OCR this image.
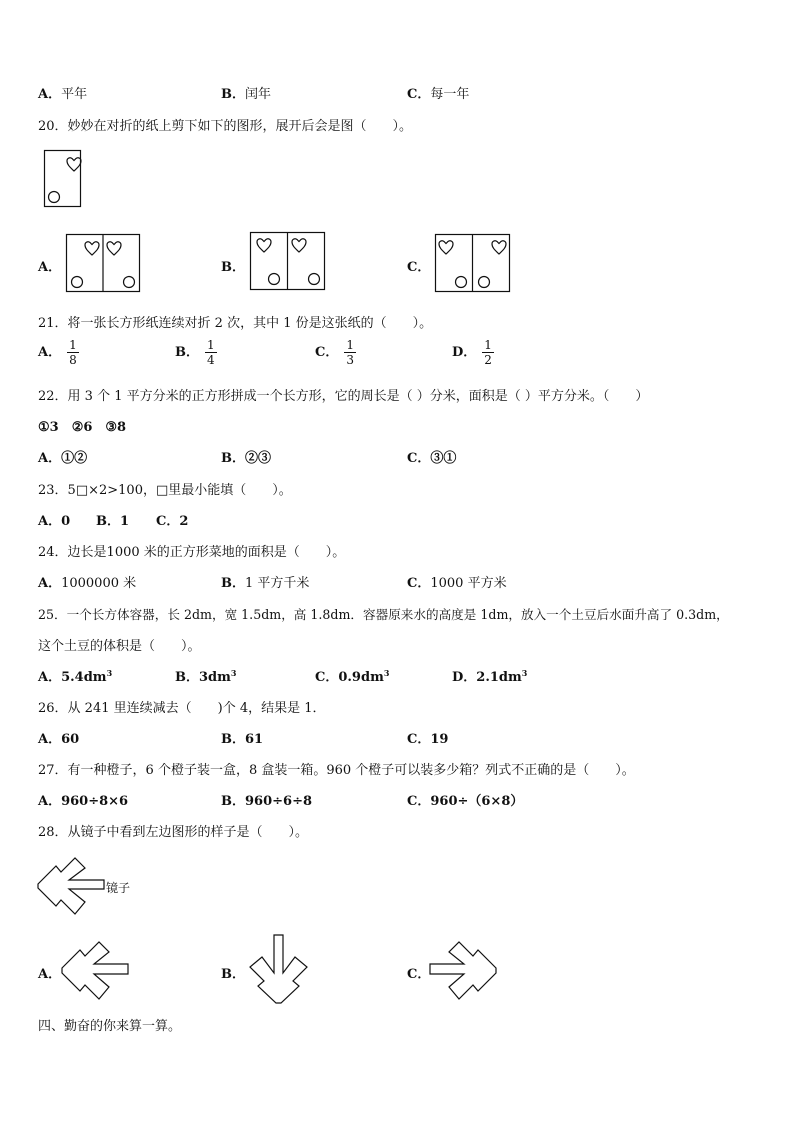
A．平年	B．闰年	C．每一年
20．妙妙在对折的纸上剪下如下的图形，展开后会是图（　　）。
A．	B．	C．
21．将一张长方形纸连续对折 2 次，其中 1 份是这张纸的（　　）。
A． $\frac{1}{8}$	B． $\frac{1}{4}$	C． $\frac{1}{3}$	D． $\frac{1}{2}$
22．用 3 个 1 平方分米的正方形拼成一个长方形，它的周长是（ ）分米，面积是（ ）平方分米。（　　）
①3　②6　③8
A．①②	B．②③	C．③①
23．5□×2>100，□里最小能填（　　）。
A．0 B．1 C．2
24．边长是1000 米的正方形菜地的面积是（　　）。
A．1000000 米	B．1 平方千米	C．1000 平方米
25．一个长方体容器，长 2dm，宽 1.5dm，高 1.8dm．容器原来水的高度是 1dm，放入一个土豆后水面升高了 0.3dm，
这个土豆的体积是（　　）。
A．$5.4dm^3$	B．$3dm^3$	C．$0.9dm^3$	D．$2.1dm^3$
26．从 241 里连续减去（　　)个 4，结果是 1．
A．60	B．61	C．19
27．有一种橙子，6 个橙子装一盒，8 盒装一箱。960 个橙子可以装多少箱？列式不正确的是（　　）。
A．960÷8×6	B．960÷6÷8	C．960÷（6×8）
28．从镜子中看到左边图形的样子是（　　）。
镜子
A．	B．	C．
四、勤奋的你来算一算。
